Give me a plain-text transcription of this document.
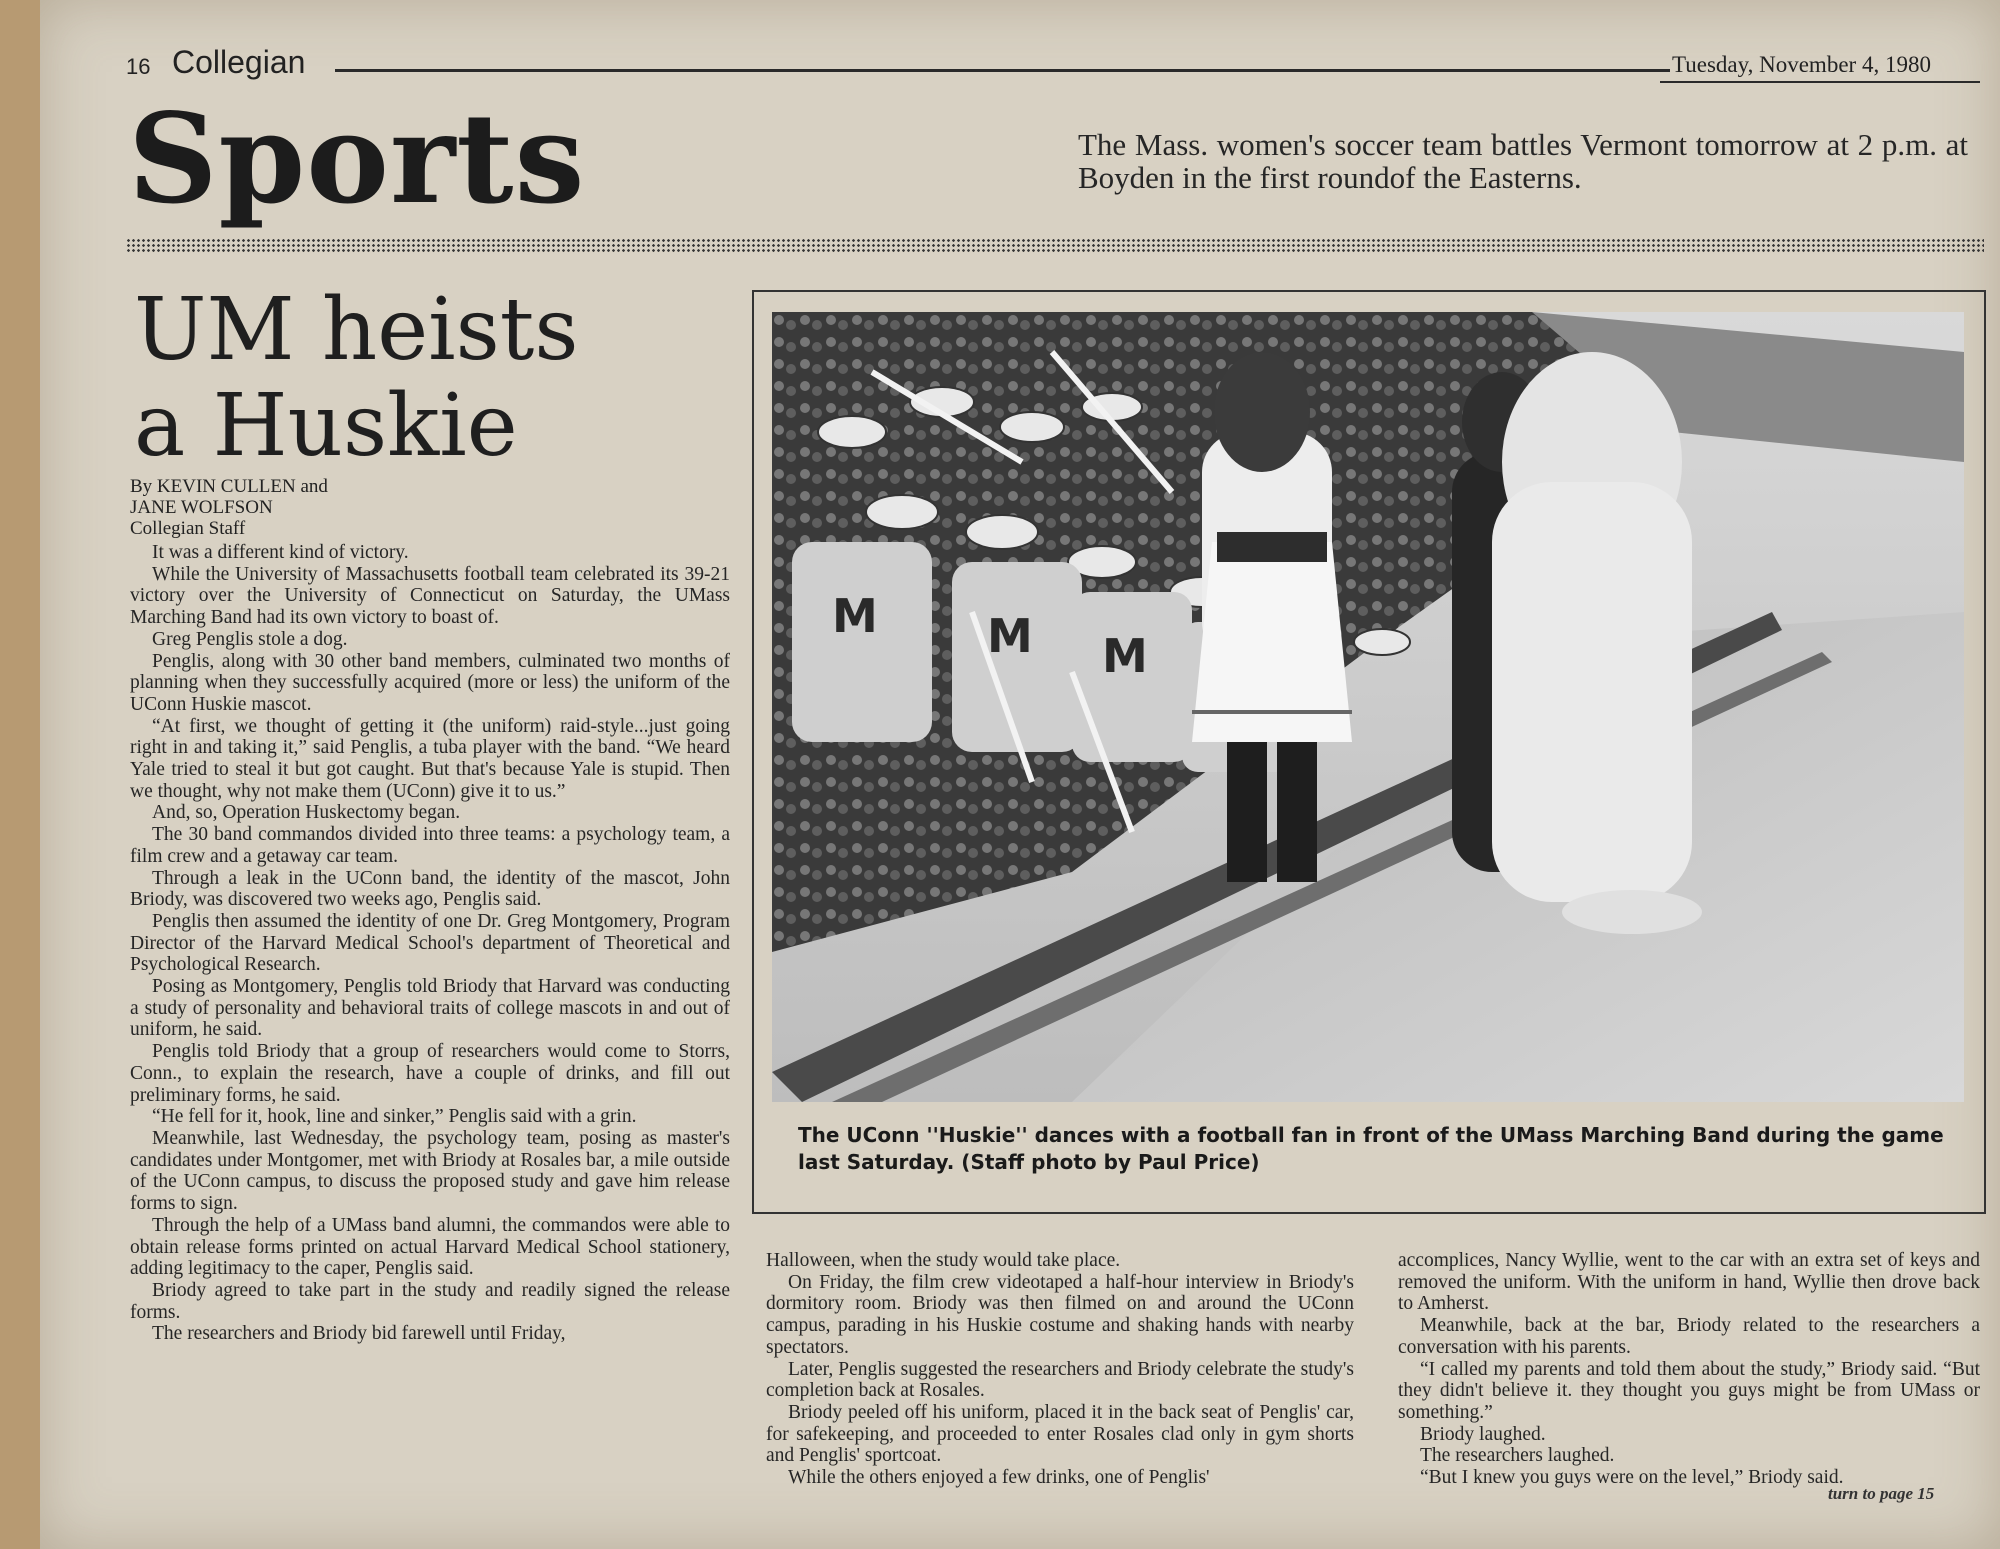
16 Collegian	Tuesday, November 4, 1980
Sports	The Mass. women's soccer team battles Vermont tomorrow at 2 p.m. at Boyden in the first roundof the Easterns.
UM heists
a Huskie
By KEVIN CULLEN and
JANE WOLFSON
Collegian Staff

It was a different kind of victory.

While the University of Massachusetts football team celebrated its 39-21 victory over the University of Connecticut on Saturday, the UMass Marching Band had its own victory to boast of.

Greg Penglis stole a dog.

Penglis, along with 30 other band members, culminated two months of planning when they successfully acquired (more or less) the uniform of the UConn Huskie mascot.

“At first, we thought of getting it (the uniform) raid-style...just going right in and taking it,” said Penglis, a tuba player with the band. “We heard Yale tried to steal it but got caught. But that's because Yale is stupid. Then we thought, why not make them (UConn) give it to us.”

And, so, Operation Huskectomy began.

The 30 band commandos divided into three teams: a psychology team, a film crew and a getaway car team.

Through a leak in the UConn band, the identity of the mascot, John Briody, was discovered two weeks ago, Penglis said.

Penglis then assumed the identity of one Dr. Greg Montgomery, Program Director of the Harvard Medical School's department of Theoretical and Psychological Research.

Posing as Montgomery, Penglis told Briody that Harvard was conducting a study of personality and behavioral traits of college mascots in and out of uniform, he said.

Penglis told Briody that a group of researchers would come to Storrs, Conn., to explain the research, have a couple of drinks, and fill out preliminary forms, he said.

“He fell for it, hook, line and sinker,” Penglis said with a grin.

Meanwhile, last Wednesday, the psychology team, posing as master's candidates under Montgomer, met with Briody at Rosales bar, a mile outside of the UConn campus, to discuss the proposed study and gave him release forms to sign.

Through the help of a UMass band alumni, the commandos were able to obtain release forms printed on actual Harvard Medical School stationery, adding legitimacy to the caper, Penglis said.

Briody agreed to take part in the study and readily signed the release forms.

The researchers and Briody bid farewell until Friday,

M M M
The UConn ''Huskie'' dances with a football fan in front of the UMass Marching Band during the game last Saturday. (Staff photo by Paul Price)

Halloween, when the study would take place.

On Friday, the film crew videotaped a half-hour interview in Briody's dormitory room. Briody was then filmed on and around the UConn campus, parading in his Huskie costume and shaking hands with nearby spectators.

Later, Penglis suggested the researchers and Briody celebrate the study's completion back at Rosales.

Briody peeled off his uniform, placed it in the back seat of Penglis' car, for safekeeping, and proceeded to enter Rosales clad only in gym shorts and Penglis' sportcoat.

While the others enjoyed a few drinks, one of Penglis'

accomplices, Nancy Wyllie, went to the car with an extra set of keys and removed the uniform. With the uniform in hand, Wyllie then drove back to Amherst.

Meanwhile, back at the bar, Briody related to the researchers a conversation with his parents.

“I called my parents and told them about the study,” Briody said. “But they didn't believe it. they thought you guys might be from UMass or something.”

Briody laughed.

The researchers laughed.

“But I knew you guys were on the level,” Briody said.

turn to page 15
